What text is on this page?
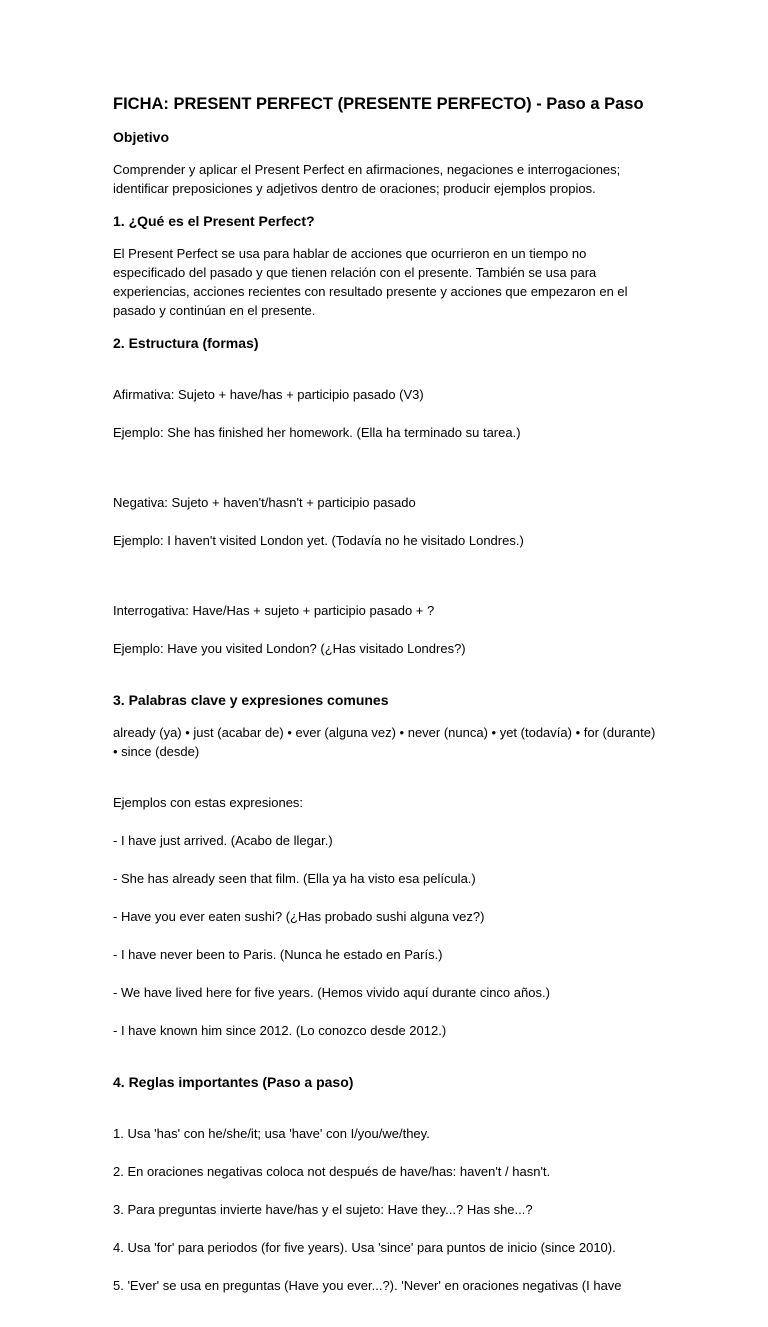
FICHA: PRESENT PERFECT (PRESENTE PERFECTO) - Paso a Paso
Objetivo
Comprender y aplicar el Present Perfect en afirmaciones, negaciones e interrogaciones; identificar preposiciones y adjetivos dentro de oraciones; producir ejemplos propios.
1. ¿Qué es el Present Perfect?
El Present Perfect se usa para hablar de acciones que ocurrieron en un tiempo no especificado del pasado y que tienen relación con el presente. También se usa para experiencias, acciones recientes con resultado presente y acciones que empezaron en el pasado y continúan en el presente.
2. Estructura (formas)

Afirmativa: Sujeto + have/has + participio pasado (V3)

Ejemplo: She has finished her homework. (Ella ha terminado su tarea.)

Negativa: Sujeto + haven't/hasn't + participio pasado

Ejemplo: I haven't visited London yet. (Todavía no he visitado Londres.)

Interrogativa: Have/Has + sujeto + participio pasado + ?

Ejemplo: Have you visited London? (¿Has visitado Londres?)

3. Palabras clave y expresiones comunes
already (ya) • just (acabar de) • ever (alguna vez) • never (nunca) • yet (todavía) • for (durante) • since (desde)

Ejemplos con estas expresiones:

- I have just arrived. (Acabo de llegar.)

- She has already seen that film. (Ella ya ha visto esa película.)

- Have you ever eaten sushi? (¿Has probado sushi alguna vez?)

- I have never been to Paris. (Nunca he estado en París.)

- We have lived here for five years. (Hemos vivido aquí durante cinco años.)

- I have known him since 2012. (Lo conozco desde 2012.)

4. Reglas importantes (Paso a paso)

1. Usa 'has' con he/she/it; usa 'have' con I/you/we/they.

2. En oraciones negativas coloca not después de have/has: haven't / hasn't.

3. Para preguntas invierte have/has y el sujeto: Have they...? Has she...?

4. Usa 'for' para periodos (for five years). Usa 'since' para puntos de inicio (since 2010).

5. 'Ever' se usa en preguntas (Have you ever...?). 'Never' en oraciones negativas (I have
